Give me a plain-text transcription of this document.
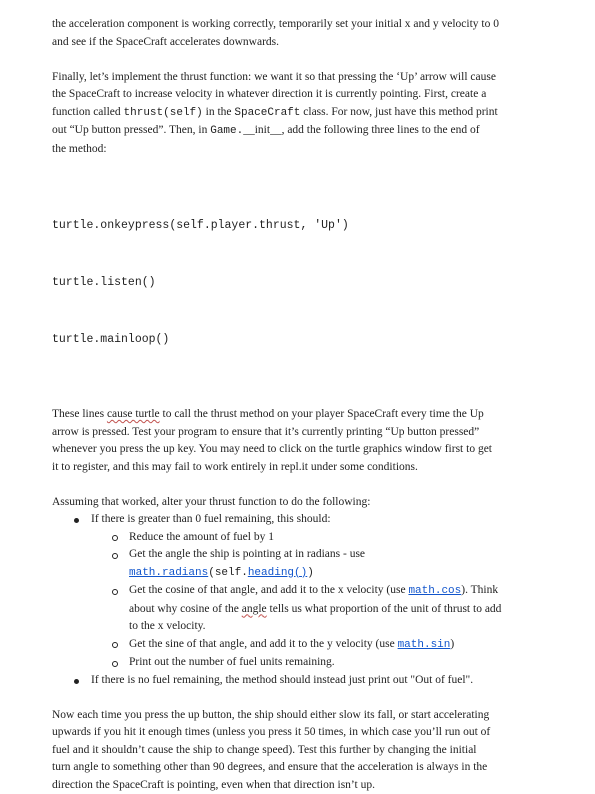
the acceleration component is working correctly, temporarily set your initial x and y velocity to 0

and see if the SpaceCraft accelerates downwards.

Finally, let’s implement the thrust function: we want it so that pressing the ‘Up’ arrow will cause

the SpaceCraft to increase velocity in whatever direction it is currently pointing. First, create a

function called thrust(self) in the SpaceCraft class. For now, just have this method print

out “Up button pressed”. Then, in Game.__init__, add the following three lines to the end of

the method:

turtle.onkeypress(self.player.thrust, 'Up')

turtle.listen()

turtle.mainloop()

These lines cause turtle to call the thrust method on your player SpaceCraft every time the Up

arrow is pressed. Test your program to ensure that it’s currently printing “Up button pressed”

whenever you press the up key. You may need to click on the turtle graphics window first to get

it to register, and this may fail to work entirely in repl.it under some conditions.

Assuming that worked, alter your thrust function to do the following:

If there is greater than 0 fuel remaining, this should:
Reduce the amount of fuel by 1
Get the angle the ship is pointing at in radians - use
math.radians(self.heading())
Get the cosine of that angle, and add it to the x velocity (use math.cos). Think
about why cosine of the angle tells us what proportion of the unit of thrust to add
to the x velocity.
Get the sine of that angle, and add it to the y velocity (use math.sin)
Print out the number of fuel units remaining.
If there is no fuel remaining, the method should instead just print out "Out of fuel".

Now each time you press the up button, the ship should either slow its fall, or start accelerating

upwards if you hit it enough times (unless you press it 50 times, in which case you’ll run out of

fuel and it shouldn’t cause the ship to change speed). Test this further by changing the initial

turn angle to something other than 90 degrees, and ensure that the acceleration is always in the

direction the SpaceCraft is pointing, even when that direction isn’t up.
